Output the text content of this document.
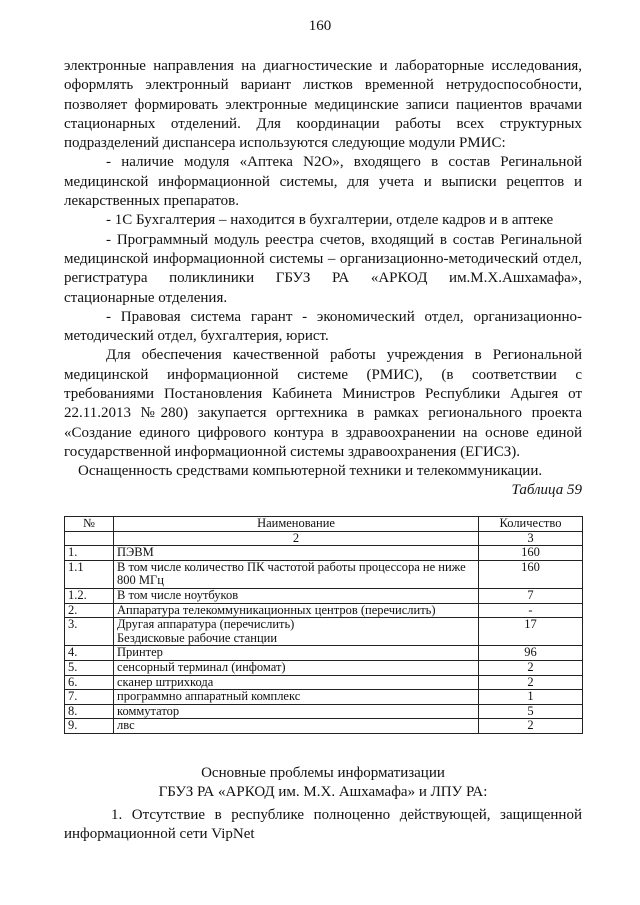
160

электронные направления на диагностические и лабораторные исследования, оформлять электронный вариант листков временной нетрудоспособности, позволяет формировать электронные медицинские записи пациентов врачами стационарных отделений. Для координации работы всех структурных подразделений диспансера используются следующие модули РМИС:

- наличие модуля «Аптека N2O», входящего в состав Регинальной медицинской информационной системы, для учета и выписки рецептов и лекарственных препаратов.

- 1С Бухгалтерия – находится в бухгалтерии, отделе кадров и в аптеке

- Программный модуль реестра счетов, входящий в состав Регинальной медицинской информационной системы – организационно-методический отдел, регистратура поликлиники ГБУЗ РА «АРКОД им.М.Х.Ашхамафа», стационарные отделения.

- Правовая система гарант - экономический отдел, организационно-методический отдел, бухгалтерия, юрист.

Для обеспечения качественной работы учреждения в Региональной медицинской информационной системе (РМИС), (в соответствии с требованиями Постановления Кабинета Министров Республики Адыгея от 22.11.2013 №280) закупается оргтехника в рамках регионального проекта «Создание единого цифрового контура в здравоохранении на основе единой государственной информационной системы здравоохранения (ЕГИСЗ).

Оснащенность средствами компьютерной техники и телекоммуникации.

Таблица 59
№	Наименование	Количество
	2	3
1.	ПЭВМ	160
1.1	В том числе количество ПК частотой работы процессора не ниже 800 МГц	160
1.2.	В том числе ноутбуков	7
2.	Аппаратура телекоммуникационных центров (перечислить)	-
3.	Другая аппаратура (перечислить)
Бездисковые рабочие станции	17
4.	Принтер	96
5.	сенсорный терминал (инфомат)	2
6.	сканер штрихкода	2
7.	программно аппаратный комплекс	1
8.	коммутатор	5
9.	лвс	2
Основные проблемы информатизации
ГБУЗ РА «АРКОД им. М.Х. Ашхамафа» и ЛПУ РА:

1. Отсутствие в республике полноценно действующей, защищенной информационной сети VipNet
